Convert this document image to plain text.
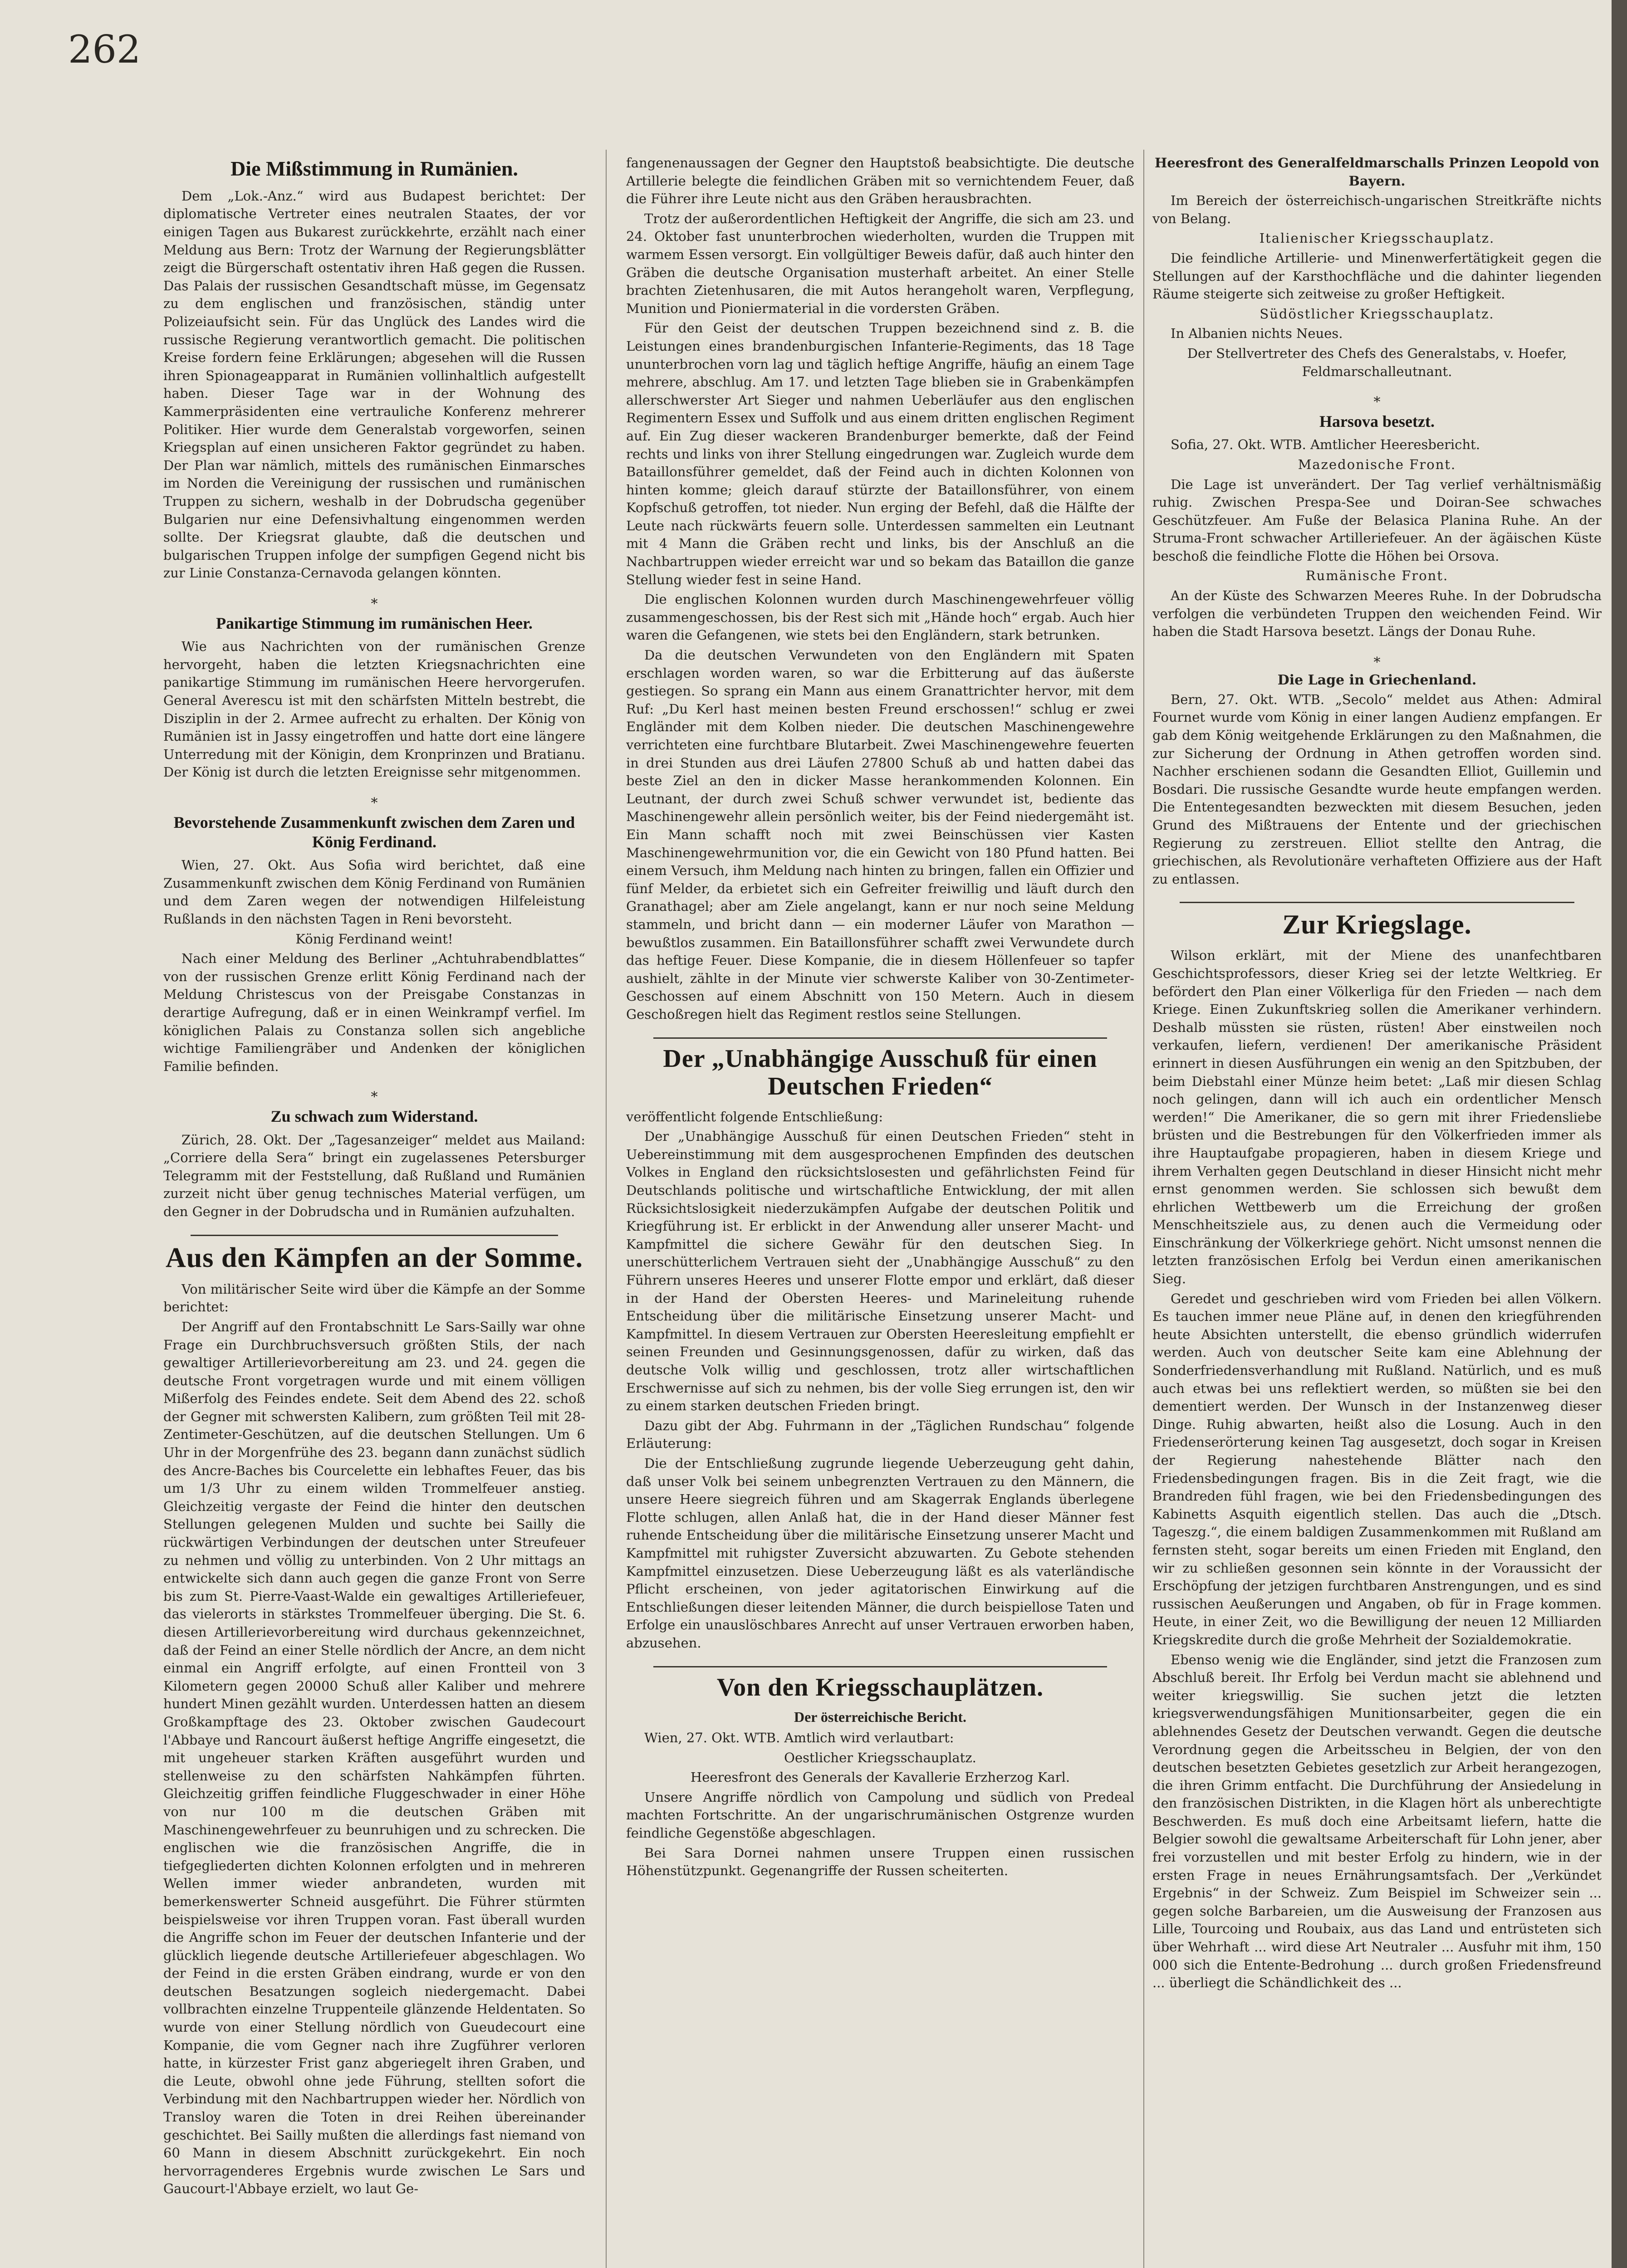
262
Die Mißstimmung in Rumänien.

Dem „Lok.-Anz.“ wird aus Budapest berichtet: Der diplomatische Vertreter eines neutralen Staates, der vor einigen Tagen aus Bukarest zurückkehrte, erzählt nach einer Meldung aus Bern: Trotz der Warnung der Regierungsblätter zeigt die Bürgerschaft ostentativ ihren Haß gegen die Russen. Das Palais der russischen Gesandtschaft müsse, im Gegensatz zu dem englischen und französischen, ständig unter Polizeiaufsicht sein. Für das Unglück des Landes wird die russische Regierung verantwortlich gemacht. Die politischen Kreise fordern feine Erklärungen; abgesehen will die Russen ihren Spionageapparat in Rumänien vollinhaltlich aufgestellt haben. Dieser Tage war in der Wohnung des Kammerpräsidenten eine vertrauliche Konferenz mehrerer Politiker. Hier wurde dem Generalstab vorgeworfen, seinen Kriegsplan auf einen unsicheren Faktor gegründet zu haben. Der Plan war nämlich, mittels des rumänischen Einmarsches im Norden die Vereinigung der russischen und rumänischen Truppen zu sichern, weshalb in der Dobrudscha gegenüber Bulgarien nur eine Defensivhaltung eingenommen werden sollte. Der Kriegsrat glaubte, daß die deutschen und bulgarischen Truppen infolge der sumpfigen Gegend nicht bis zur Linie Constanza-Cernavoda gelangen könnten.

*
Panikartige Stimmung im rumänischen Heer.

Wie aus Nachrichten von der rumänischen Grenze hervorgeht, haben die letzten Kriegsnachrichten eine panikartige Stimmung im rumänischen Heere hervorgerufen. General Averescu ist mit den schärfsten Mitteln bestrebt, die Disziplin in der 2. Armee aufrecht zu erhalten. Der König von Rumänien ist in Jassy eingetroffen und hatte dort eine längere Unterredung mit der Königin, dem Kronprinzen und Bratianu. Der König ist durch die letzten Ereignisse sehr mitgenommen.

*
Bevorstehende Zusammenkunft zwischen dem Zaren und König Ferdinand.

Wien, 27. Okt. Aus Sofia wird berichtet, daß eine Zusammenkunft zwischen dem König Ferdinand von Rumänien und dem Zaren wegen der notwendigen Hilfeleistung Rußlands in den nächsten Tagen in Reni bevorsteht.

König Ferdinand weint!

Nach einer Meldung des Berliner „Achtuhrabendblattes“ von der russischen Grenze erlitt König Ferdinand nach der Meldung Christescus von der Preisgabe Constanzas in derartige Aufregung, daß er in einen Weinkrampf verfiel. Im königlichen Palais zu Constanza sollen sich angebliche wichtige Familiengräber und Andenken der königlichen Familie befinden.

*
Zu schwach zum Widerstand.

Zürich, 28. Okt. Der „Tagesanzeiger“ meldet aus Mailand: „Corriere della Sera“ bringt ein zugelassenes Petersburger Telegramm mit der Feststellung, daß Rußland und Rumänien zurzeit nicht über genug technisches Material verfügen, um den Gegner in der Dobrudscha und in Rumänien aufzuhalten.

Aus den Kämpfen an der Somme.

Von militärischer Seite wird über die Kämpfe an der Somme berichtet:

Der Angriff auf den Frontabschnitt Le Sars-Sailly war ohne Frage ein Durchbruchsversuch größten Stils, der nach gewaltiger Artillerievorbereitung am 23. und 24. gegen die deutsche Front vorgetragen wurde und mit einem völligen Mißerfolg des Feindes endete. Seit dem Abend des 22. schoß der Gegner mit schwersten Kalibern, zum größten Teil mit 28-Zentimeter-Geschützen, auf die deutschen Stellungen. Um 6 Uhr in der Morgenfrühe des 23. begann dann zunächst südlich des Ancre-Baches bis Courcelette ein lebhaftes Feuer, das bis um 1/3 Uhr zu einem wilden Trommelfeuer anstieg. Gleichzeitig vergaste der Feind die hinter den deutschen Stellungen gelegenen Mulden und suchte bei Sailly die rückwärtigen Verbindungen der deutschen unter Streufeuer zu nehmen und völlig zu unterbinden. Von 2 Uhr mittags an entwickelte sich dann auch gegen die ganze Front von Serre bis zum St. Pierre-Vaast-Walde ein gewaltiges Artilleriefeuer, das vielerorts in stärkstes Trommelfeuer überging. Die St. 6. diesen Artillerievorbereitung wird durchaus gekennzeichnet, daß der Feind an einer Stelle nördlich der Ancre, an dem nicht einmal ein Angriff erfolgte, auf einen Frontteil von 3 Kilometern gegen 20000 Schuß aller Kaliber und mehrere hundert Minen gezählt wurden. Unterdessen hatten an diesem Großkampftage des 23. Oktober zwischen Gaudecourt l'Abbaye und Rancourt äußerst heftige Angriffe eingesetzt, die mit ungeheuer starken Kräften ausgeführt wurden und stellenweise zu den schärfsten Nahkämpfen führten. Gleichzeitig griffen feindliche Fluggeschwader in einer Höhe von nur 100 m die deutschen Gräben mit Maschinengewehrfeuer zu beunruhigen und zu schrecken. Die englischen wie die französischen Angriffe, die in tiefgegliederten dichten Kolonnen erfolgten und in mehreren Wellen immer wieder anbrandeten, wurden mit bemerkenswerter Schneid ausgeführt. Die Führer stürmten beispielsweise vor ihren Truppen voran. Fast überall wurden die Angriffe schon im Feuer der deutschen Infanterie und der glücklich liegende deutsche Artilleriefeuer abgeschlagen. Wo der Feind in die ersten Gräben eindrang, wurde er von den deutschen Besatzungen sogleich niedergemacht. Dabei vollbrachten einzelne Truppenteile glänzende Heldentaten. So wurde von einer Stellung nördlich von Gueudecourt eine Kompanie, die vom Gegner nach ihre Zugführer verloren hatte, in kürzester Frist ganz abgeriegelt ihren Graben, und die Leute, obwohl ohne jede Führung, stellten sofort die Verbindung mit den Nachbartruppen wieder her. Nördlich von Transloy waren die Toten in drei Reihen übereinander geschichtet. Bei Sailly mußten die allerdings fast niemand von 60 Mann in diesem Abschnitt zurückgekehrt. Ein noch hervorragenderes Ergebnis wurde zwischen Le Sars und Gaucourt-l'Abbaye erzielt, wo laut Ge-

fangenenaussagen der Gegner den Hauptstoß beabsichtigte. Die deutsche Artillerie belegte die feindlichen Gräben mit so vernichtendem Feuer, daß die Führer ihre Leute nicht aus den Gräben herausbrachten.

Trotz der außerordentlichen Heftigkeit der Angriffe, die sich am 23. und 24. Oktober fast ununterbrochen wiederholten, wurden die Truppen mit warmem Essen versorgt. Ein vollgültiger Beweis dafür, daß auch hinter den Gräben die deutsche Organisation musterhaft arbeitet. An einer Stelle brachten Zietenhusaren, die mit Autos herangeholt waren, Verpflegung, Munition und Pioniermaterial in die vordersten Gräben.

Für den Geist der deutschen Truppen bezeichnend sind z. B. die Leistungen eines brandenburgischen Infanterie-Regiments, das 18 Tage ununterbrochen vorn lag und täglich heftige Angriffe, häufig an einem Tage mehrere, abschlug. Am 17. und letzten Tage blieben sie in Grabenkämpfen allerschwerster Art Sieger und nahmen Ueberläufer aus den englischen Regimentern Essex und Suffolk und aus einem dritten englischen Regiment auf. Ein Zug dieser wackeren Brandenburger bemerkte, daß der Feind rechts und links von ihrer Stellung eingedrungen war. Zugleich wurde dem Bataillonsführer gemeldet, daß der Feind auch in dichten Kolonnen von hinten komme; gleich darauf stürzte der Bataillonsführer, von einem Kopfschuß getroffen, tot nieder. Nun erging der Befehl, daß die Hälfte der Leute nach rückwärts feuern solle. Unterdessen sammelten ein Leutnant mit 4 Mann die Gräben recht und links, bis der Anschluß an die Nachbartruppen wieder erreicht war und so bekam das Bataillon die ganze Stellung wieder fest in seine Hand.

Die englischen Kolonnen wurden durch Maschinengewehrfeuer völlig zusammengeschossen, bis der Rest sich mit „Hände hoch“ ergab. Auch hier waren die Gefangenen, wie stets bei den Engländern, stark betrunken.

Da die deutschen Verwundeten von den Engländern mit Spaten erschlagen worden waren, so war die Erbitterung auf das äußerste gestiegen. So sprang ein Mann aus einem Granattrichter hervor, mit dem Ruf: „Du Kerl hast meinen besten Freund erschossen!“ schlug er zwei Engländer mit dem Kolben nieder. Die deutschen Maschinengewehre verrichteten eine furchtbare Blutarbeit. Zwei Maschinengewehre feuerten in drei Stunden aus drei Läufen 27800 Schuß ab und hatten dabei das beste Ziel an den in dicker Masse herankommenden Kolonnen. Ein Leutnant, der durch zwei Schuß schwer verwundet ist, bediente das Maschinengewehr allein persönlich weiter, bis der Feind niedergemäht ist. Ein Mann schafft noch mit zwei Beinschüssen vier Kasten Maschinengewehrmunition vor, die ein Gewicht von 180 Pfund hatten. Bei einem Versuch, ihm Meldung nach hinten zu bringen, fallen ein Offizier und fünf Melder, da erbietet sich ein Gefreiter freiwillig und läuft durch den Granathagel; aber am Ziele angelangt, kann er nur noch seine Meldung stammeln, und bricht dann — ein moderner Läufer von Marathon — bewußtlos zusammen. Ein Bataillonsführer schafft zwei Verwundete durch das heftige Feuer. Diese Kompanie, die in diesem Höllenfeuer so tapfer aushielt, zählte in der Minute vier schwerste Kaliber von 30-Zentimeter-Geschossen auf einem Abschnitt von 150 Metern. Auch in diesem Geschoßregen hielt das Regiment restlos seine Stellungen.

Der „Unabhängige Ausschuß für einen Deutschen Frieden“

veröffentlicht folgende Entschließung:

Der „Unabhängige Ausschuß für einen Deutschen Frieden“ steht in Uebereinstimmung mit dem ausgesprochenen Empfinden des deutschen Volkes in England den rücksichtslosesten und gefährlichsten Feind für Deutschlands politische und wirtschaftliche Entwicklung, der mit allen Rücksichtslosigkeit niederzukämpfen Aufgabe der deutschen Politik und Kriegführung ist. Er erblickt in der Anwendung aller unserer Macht- und Kampfmittel die sichere Gewähr für den deutschen Sieg. In unerschütterlichem Vertrauen sieht der „Unabhängige Ausschuß“ zu den Führern unseres Heeres und unserer Flotte empor und erklärt, daß dieser in der Hand der Obersten Heeres- und Marineleitung ruhende Entscheidung über die militärische Einsetzung unserer Macht- und Kampfmittel. In diesem Vertrauen zur Obersten Heeresleitung empfiehlt er seinen Freunden und Gesinnungsgenossen, dafür zu wirken, daß das deutsche Volk willig und geschlossen, trotz aller wirtschaftlichen Erschwernisse auf sich zu nehmen, bis der volle Sieg errungen ist, den wir zu einem starken deutschen Frieden bringt.

Dazu gibt der Abg. Fuhrmann in der „Täglichen Rundschau“ folgende Erläuterung:

Die der Entschließung zugrunde liegende Ueberzeugung geht dahin, daß unser Volk bei seinem unbegrenzten Vertrauen zu den Männern, die unsere Heere siegreich führen und am Skagerrak Englands überlegene Flotte schlugen, allen Anlaß hat, die in der Hand dieser Männer fest ruhende Entscheidung über die militärische Einsetzung unserer Macht und Kampfmittel mit ruhigster Zuversicht abzuwarten. Zu Gebote stehenden Kampfmittel einzusetzen. Diese Ueberzeugung läßt es als vaterländische Pflicht erscheinen, von jeder agitatorischen Einwirkung auf die Entschließungen dieser leitenden Männer, die durch beispiellose Taten und Erfolge ein unauslöschbares Anrecht auf unser Vertrauen erworben haben, abzusehen.

Von den Kriegsschauplätzen.
Der österreichische Bericht.

Wien, 27. Okt. WTB. Amtlich wird verlautbart:

Oestlicher Kriegsschauplatz.

Heeresfront des Generals der Kavallerie Erzherzog Karl.

Unsere Angriffe nördlich von Campolung und südlich von Predeal machten Fortschritte. An der ungarischrumänischen Ostgrenze wurden feindliche Gegenstöße abgeschlagen.

Bei Sara Dornei nahmen unsere Truppen einen russischen Höhenstützpunkt. Gegenangriffe der Russen scheiterten.

Heeresfront des Generalfeldmarschalls Prinzen Leopold von Bayern.

Im Bereich der österreichisch-ungarischen Streitkräfte nichts von Belang.

Italienischer Kriegsschauplatz.

Die feindliche Artillerie- und Minenwerfertätigkeit gegen die Stellungen auf der Karsthochfläche und die dahinter liegenden Räume steigerte sich zeitweise zu großer Heftigkeit.

Südöstlicher Kriegsschauplatz.

In Albanien nichts Neues.

Der Stellvertreter des Chefs des Generalstabs, v. Hoefer, Feldmarschalleutnant.

*
Harsova besetzt.

Sofia, 27. Okt. WTB. Amtlicher Heeresbericht.

Mazedonische Front.

Die Lage ist unverändert. Der Tag verlief verhältnismäßig ruhig. Zwischen Prespa-See und Doiran-See schwaches Geschützfeuer. Am Fuße der Belasica Planina Ruhe. An der Struma-Front schwacher Artilleriefeuer. An der ägäischen Küste beschoß die feindliche Flotte die Höhen bei Orsova.

Rumänische Front.

An der Küste des Schwarzen Meeres Ruhe. In der Dobrudscha verfolgen die verbündeten Truppen den weichenden Feind. Wir haben die Stadt Harsova besetzt. Längs der Donau Ruhe.

*

Die Lage in Griechenland.

Bern, 27. Okt. WTB. „Secolo“ meldet aus Athen: Admiral Fournet wurde vom König in einer langen Audienz empfangen. Er gab dem König weitgehende Erklärungen zu den Maßnahmen, die zur Sicherung der Ordnung in Athen getroffen worden sind. Nachher erschienen sodann die Gesandten Elliot, Guillemin und Bosdari. Die russische Gesandte wurde heute empfangen werden. Die Ententegesandten bezweckten mit diesem Besuchen, jeden Grund des Mißtrauens der Entente und der griechischen Regierung zu zerstreuen. Elliot stellte den Antrag, die griechischen, als Revolutionäre verhafteten Offiziere aus der Haft zu entlassen.

Zur Kriegslage.

Wilson erklärt, mit der Miene des unanfechtbaren Geschichtsprofessors, dieser Krieg sei der letzte Weltkrieg. Er befördert den Plan einer Völkerliga für den Frieden — nach dem Kriege. Einen Zukunftskrieg sollen die Amerikaner verhindern. Deshalb müssten sie rüsten, rüsten! Aber einstweilen noch verkaufen, liefern, verdienen! Der amerikanische Präsident erinnert in diesen Ausführungen ein wenig an den Spitzbuben, der beim Diebstahl einer Münze heim betet: „Laß mir diesen Schlag noch gelingen, dann will ich auch ein ordentlicher Mensch werden!“ Die Amerikaner, die so gern mit ihrer Friedensliebe brüsten und die Bestrebungen für den Völkerfrieden immer als ihre Hauptaufgabe propagieren, haben in diesem Kriege und ihrem Verhalten gegen Deutschland in dieser Hinsicht nicht mehr ernst genommen werden. Sie schlossen sich bewußt dem ehrlichen Wettbewerb um die Erreichung der großen Menschheitsziele aus, zu denen auch die Vermeidung oder Einschränkung der Völkerkriege gehört. Nicht umsonst nennen die letzten französischen Erfolg bei Verdun einen amerikanischen Sieg.

Geredet und geschrieben wird vom Frieden bei allen Völkern. Es tauchen immer neue Pläne auf, in denen den kriegführenden heute Absichten unterstellt, die ebenso gründlich widerrufen werden. Auch von deutscher Seite kam eine Ablehnung der Sonderfriedensverhandlung mit Rußland. Natürlich, und es muß auch etwas bei uns reflektiert werden, so müßten sie bei den dementiert werden. Der Wunsch in der Instanzenweg dieser Dinge. Ruhig abwarten, heißt also die Losung. Auch in den Friedenserörterung keinen Tag ausgesetzt, doch sogar in Kreisen der Regierung nahestehende Blätter nach den Friedensbedingungen fragen. Bis in die Zeit fragt, wie die Brandreden fühl fragen, wie bei den Friedensbedingungen des Kabinetts Asquith eigentlich stellen. Das auch die „Dtsch. Tageszg.“, die einem baldigen Zusammenkommen mit Rußland am fernsten steht, sogar bereits um einen Frieden mit England, den wir zu schließen gesonnen sein könnte in der Voraussicht der Erschöpfung der jetzigen furchtbaren Anstrengungen, und es sind russischen Aeußerungen und Angaben, ob für in Frage kommen. Heute, in einer Zeit, wo die Bewilligung der neuen 12 Milliarden Kriegskredite durch die große Mehrheit der Sozialdemokratie.

Ebenso wenig wie die Engländer, sind jetzt die Franzosen zum Abschluß bereit. Ihr Erfolg bei Verdun macht sie ablehnend und weiter kriegswillig. Sie suchen jetzt die letzten kriegsverwendungsfähigen Munitionsarbeiter, gegen die ein ablehnendes Gesetz der Deutschen verwandt. Gegen die deutsche Verordnung gegen die Arbeitsscheu in Belgien, der von den deutschen besetzten Gebietes gesetzlich zur Arbeit herangezogen, die ihren Grimm entfacht. Die Durchführung der Ansiedelung in den französischen Distrikten, in die Klagen hört als unberechtigte Beschwerden. Es muß doch eine Arbeitsamt liefern, hatte die Belgier sowohl die gewaltsame Arbeiterschaft für Lohn jener, aber frei vorzustellen und mit bester Erfolg zu hindern, wie in der ersten Frage in neues Ernährungsamtsfach. Der „Verkündet Ergebnis“ in der Schweiz. Zum Beispiel im Schweizer sein ... gegen solche Barbareien, um die Ausweisung der Franzosen aus Lille, Tourcoing und Roubaix, aus das Land und entrüsteten sich über Wehrhaft ... wird diese Art Neutraler ... Ausfuhr mit ihm, 150 000 sich die Entente-Bedrohung ... durch großen Friedensfreund ... überliegt die Schändlichkeit des ...
